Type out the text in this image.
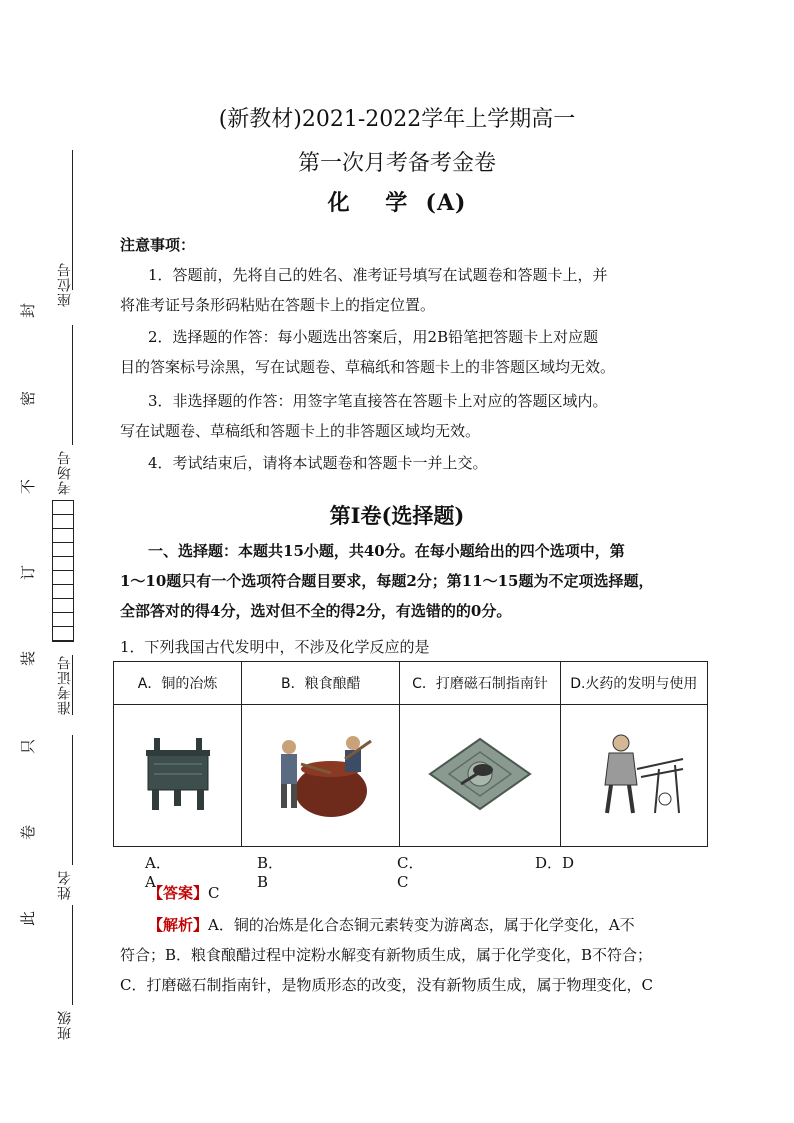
座位号
考场号
准考证号
姓名
班级
封
密
不
订
装
只
卷
此
(新教材)2021-2022学年上学期高一
第一次月考备考金卷
化    学  (A)
注意事项：
1．答题前，先将自己的姓名、准考证号填写在试题卷和答题卡上，并
将准考证号条形码粘贴在答题卡上的指定位置。
2．选择题的作答：每小题选出答案后，用2B铅笔把答题卡上对应题
目的答案标号涂黑，写在试题卷、草稿纸和答题卡上的非答题区域均无效。
3．非选择题的作答：用签字笔直接答在答题卡上对应的答题区域内。
写在试题卷、草稿纸和答题卡上的非答题区域均无效。
4．考试结束后，请将本试题卷和答题卡一并上交。
第Ⅰ卷(选择题)
一、选择题：本题共15小题，共40分。在每小题给出的四个选项中，第
1～10题只有一个选项符合题目要求，每题2分；第11～15题为不定项选择题，
全部答对的得4分，选对但不全的得2分，有选错的的0分。
1．下列我国古代发明中，不涉及化学反应的是
A．铜的冶炼	B．粮食酿醋	C．打磨磁石制指南针	D.火药的发明与使用

A．A
B．B
C．C
D．D
【答案】C
【解析】A．铜的冶炼是化合态铜元素转变为游离态，属于化学变化，A不
符合；B．粮食酿醋过程中淀粉水解变有新物质生成，属于化学变化，B不符合；
C．打磨磁石制指南针，是物质形态的改变，没有新物质生成，属于物理变化，C
